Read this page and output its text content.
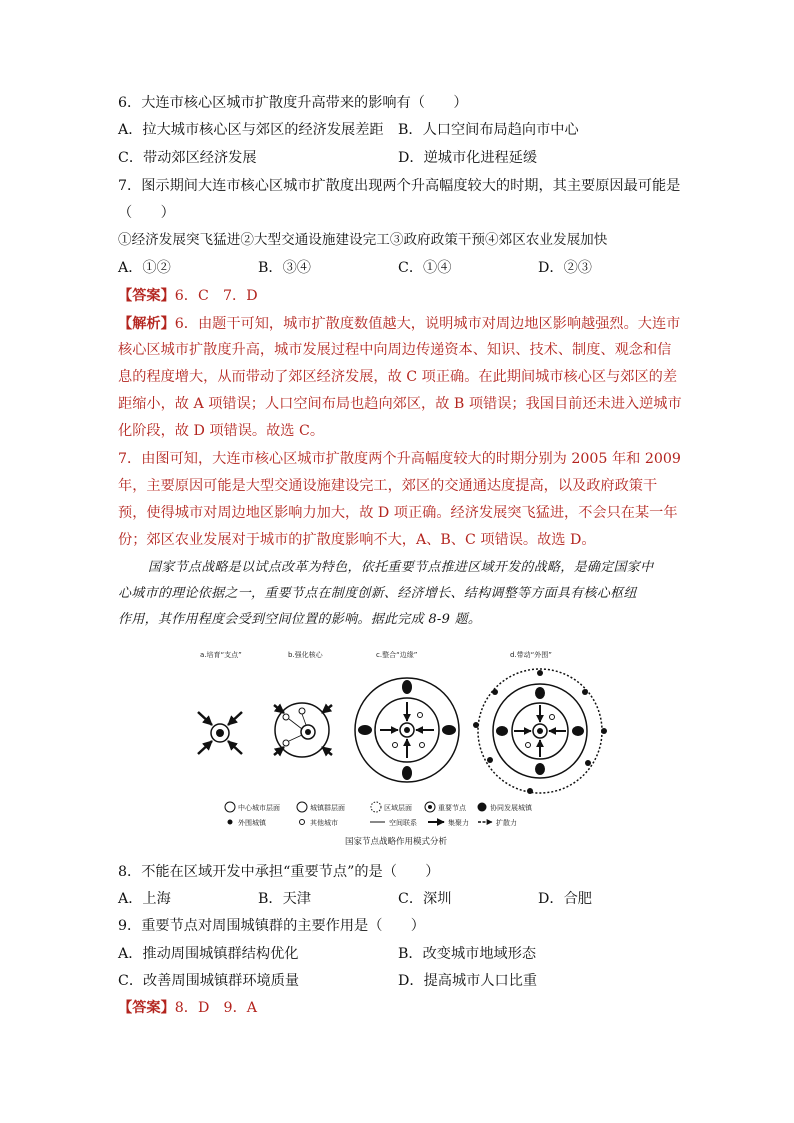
6．大连市核心区城市扩散度升高带来的影响有（　　）
A．拉大城市核心区与郊区的经济发展差距 B．人口空间布局趋向市中心
C．带动郊区经济发展	D．逆城市化进程延缓
7．图示期间大连市核心区城市扩散度出现两个升高幅度较大的时期，其主要原因最可能是
（　　）
①经济发展突飞猛进②大型交通设施建设完工③政府政策干预④郊区农业发展加快
A．①②	B．③④	C．①④	D．②③
【答案】6．C　7．D
【解析】6．由题干可知，城市扩散度数值越大，说明城市对周边地区影响越强烈。大连市
核心区城市扩散度升高，城市发展过程中向周边传递资本、知识、技术、制度、观念和信
息的程度增大，从而带动了郊区经济发展，故 C 项正确。在此期间城市核心区与郊区的差
距缩小，故 A 项错误；人口空间布局也趋向郊区，故 B 项错误；我国目前还未进入逆城市
化阶段，故 D 项错误。故选 C。
7．由图可知，大连市核心区城市扩散度两个升高幅度较大的时期分别为 2005 年和 2009
年，主要原因可能是大型交通设施建设完工，郊区的交通通达度提高，以及政府政策干
预，使得城市对周边地区影响力加大，故 D 项正确。经济发展突飞猛进，不会只在某一年
份；郊区农业发展对于城市的扩散度影响不大，A、B、C 项错误。故选 D。
国家节点战略是以试点改革为特色，依托重要节点推进区域开发的战略，是确定国家中
心城市的理论依据之一，重要节点在制度创新、经济增长、结构调整等方面具有核心枢纽
作用，其作用程度会受到空间位置的影响。据此完成 8-9 题。
a.培育“支点”	b.强化核心	c.整合“边缘”	d.带动“外围”
中心城市层面	城镇群层面	区域层面	重要节点	协同发展城镇
外围城镇	其他城市	空间联系	集聚力	扩散力
国家节点战略作用模式分析
8．不能在区域开发中承担“重要节点”的是（　　）
A．上海	B．天津	C．深圳	D．合肥
9．重要节点对周围城镇群的主要作用是（　　）
A．推动周围城镇群结构优化	B．改变城市地域形态
C．改善周围城镇群环境质量	D．提高城市人口比重
【答案】8．D　9．A
